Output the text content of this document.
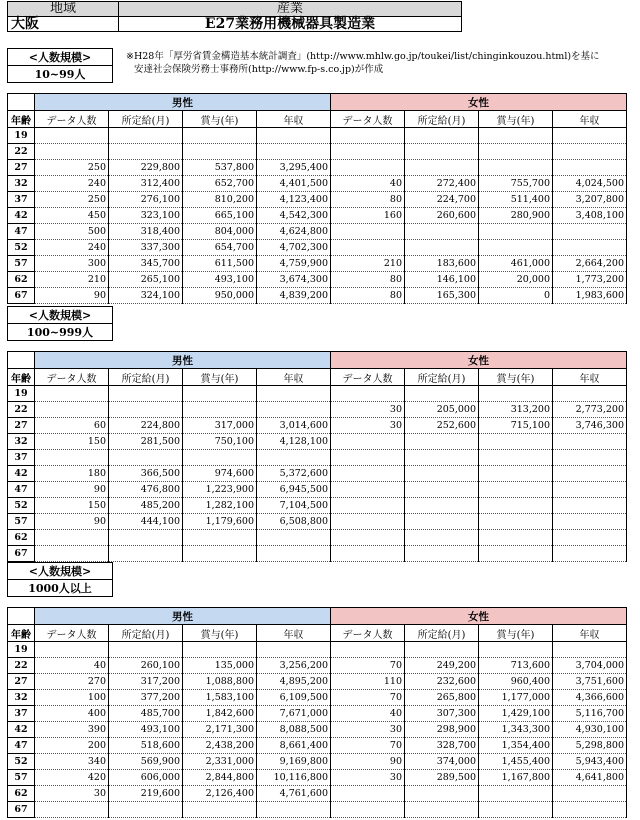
地域	産業
大阪	E27業務用機械器具製造業
※H28年「厚労省賃金構造基本統計調査」(http://www.mhlw.go.jp/toukei/list/chinginkouzou.html)を基に
安達社会保険労務士事務所(http://www.fp-s.co.jp)が作成
<人数規模>
10~99人
	男性				女性			
年齢	データ人数	所定給(月)	賞与(年)	年収	データ人数	所定給(月)	賞与(年)	年収
19								
22								
27	250	229,800	537,800	3,295,400				
32	240	312,400	652,700	4,401,500	40	272,400	755,700	4,024,500
37	250	276,100	810,200	4,123,400	80	224,700	511,400	3,207,800
42	450	323,100	665,100	4,542,300	160	260,600	280,900	3,408,100
47	500	318,400	804,000	4,624,800				
52	240	337,300	654,700	4,702,300				
57	300	345,700	611,500	4,759,900	210	183,600	461,000	2,664,200
62	210	265,100	493,100	3,674,300	80	146,100	20,000	1,773,200
67	90	324,100	950,000	4,839,200	80	165,300	0	1,983,600
<人数規模>
100~999人
	男性				女性			
年齢	データ人数	所定給(月)	賞与(年)	年収	データ人数	所定給(月)	賞与(年)	年収
19								
22					30	205,000	313,200	2,773,200
27	60	224,800	317,000	3,014,600	30	252,600	715,100	3,746,300
32	150	281,500	750,100	4,128,100				
37								
42	180	366,500	974,600	5,372,600				
47	90	476,800	1,223,900	6,945,500				
52	150	485,200	1,282,100	7,104,500				
57	90	444,100	1,179,600	6,508,800				
62								
67								
<人数規模>
1000人以上
	男性				女性			
年齢	データ人数	所定給(月)	賞与(年)	年収	データ人数	所定給(月)	賞与(年)	年収
19								
22	40	260,100	135,000	3,256,200	70	249,200	713,600	3,704,000
27	270	317,200	1,088,800	4,895,200	110	232,600	960,400	3,751,600
32	100	377,200	1,583,100	6,109,500	70	265,800	1,177,000	4,366,600
37	400	485,700	1,842,600	7,671,000	40	307,300	1,429,100	5,116,700
42	390	493,100	2,171,300	8,088,500	30	298,900	1,343,300	4,930,100
47	200	518,600	2,438,200	8,661,400	70	328,700	1,354,400	5,298,800
52	340	569,900	2,331,000	9,169,800	90	374,000	1,455,400	5,943,400
57	420	606,000	2,844,800	10,116,800	30	289,500	1,167,800	4,641,800
62	30	219,600	2,126,400	4,761,600				
67								
